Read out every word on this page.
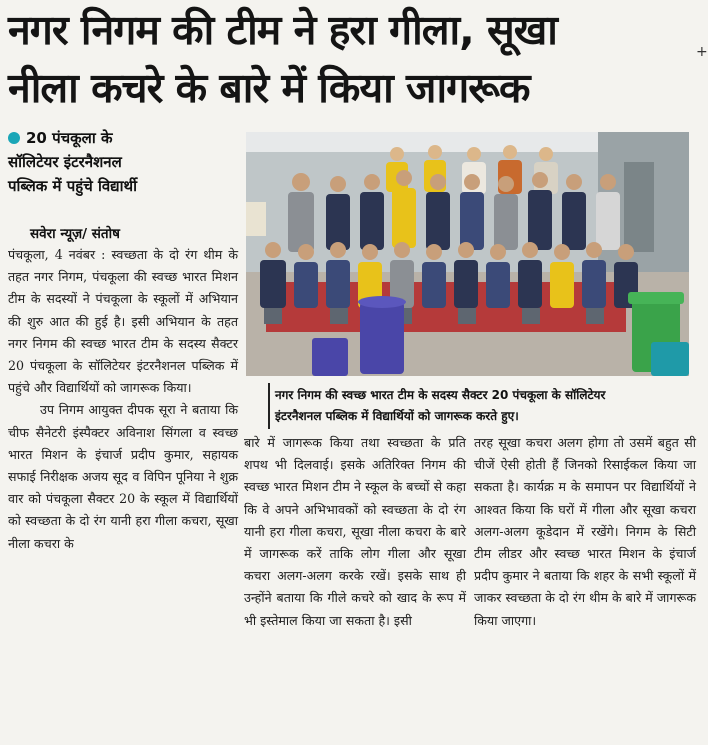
नगर निगम की टीम ने हरा गीला, सूखा
नीला कचरे के बारे में किया जागरूक
+
20 पंचकूला के
सॉलिटेयर इंटरनैशनल
पब्लिक में पहुंचे विद्यार्थी
सवेरा न्यूज़/ संतोष
नगर निगम की स्वच्छ भारत टीम के सदस्य सैक्टर 20 पंचकूला के सॉलिटेयर
इंटरनैशनल पब्लिक में विद्यार्थियों को जागरूक करते हुए।

पंचकूला, 4 नवंबर : स्वच्छता के दो रंग थीम के तहत नगर निगम, पंचकूला की स्वच्छ भारत मिशन टीम के सदस्यों ने पंचकूला के स्कूलों में अभियान की शुरु आत की हुई है। इसी अभियान के तहत नगर निगम की स्वच्छ भारत टीम के सदस्य सैक्टर 20 पंचकूला के सॉलिटेयर इंटरनैशनल पब्लिक में पहुंचे और विद्यार्थियों को जागरूक किया।

उप निगम आयुक्त दीपक सूरा ने बताया कि चीफ सैनेटरी इंस्पैक्टर अविनाश सिंगला व स्वच्छ भारत मिशन के इंचार्ज प्रदीप कुमार, सहायक सफाई निरीक्षक अजय सूद व विपिन पूनिया ने शुक्र वार को पंचकूला सैक्टर 20 के स्कूल में विद्यार्थियों को स्वच्छता के दो रंग यानी हरा गीला कचरा, सूखा नीला कचरा के

बारे में जागरूक किया तथा स्वच्छता के प्रति शपथ भी दिलवाई। इसके अतिरिक्त निगम की स्वच्छ भारत मिशन टीम ने स्कूल के बच्चों से कहा कि वे अपने अभिभावकों को स्वच्छता के दो रंग यानी हरा गीला कचरा, सूखा नीला कचरा के बारे में जागरूक करें ताकि लोग गीला और सूखा कचरा अलग-अलग करके रखें। इसके साथ ही उन्होंने बताया कि गीले कचरे को खाद के रूप में भी इस्तेमाल किया जा सकता है। इसी

तरह सूखा कचरा अलग होगा तो उसमें बहुत सी चीजें ऐसी होती हैं जिनको रिसाईकल किया जा सकता है। कार्यक्र म के समापन पर विद्यार्थियों ने आश्वत किया कि घरों में गीला और सूखा कचरा अलग-अलग कूडेदान में रखेंगे। निगम के सिटी टीम लीडर और स्वच्छ भारत मिशन के इंचार्ज प्रदीप कुमार ने बताया कि शहर के सभी स्कूलों में जाकर स्वच्छता के दो रंग थीम के बारे में जागरूक किया जाएगा।
